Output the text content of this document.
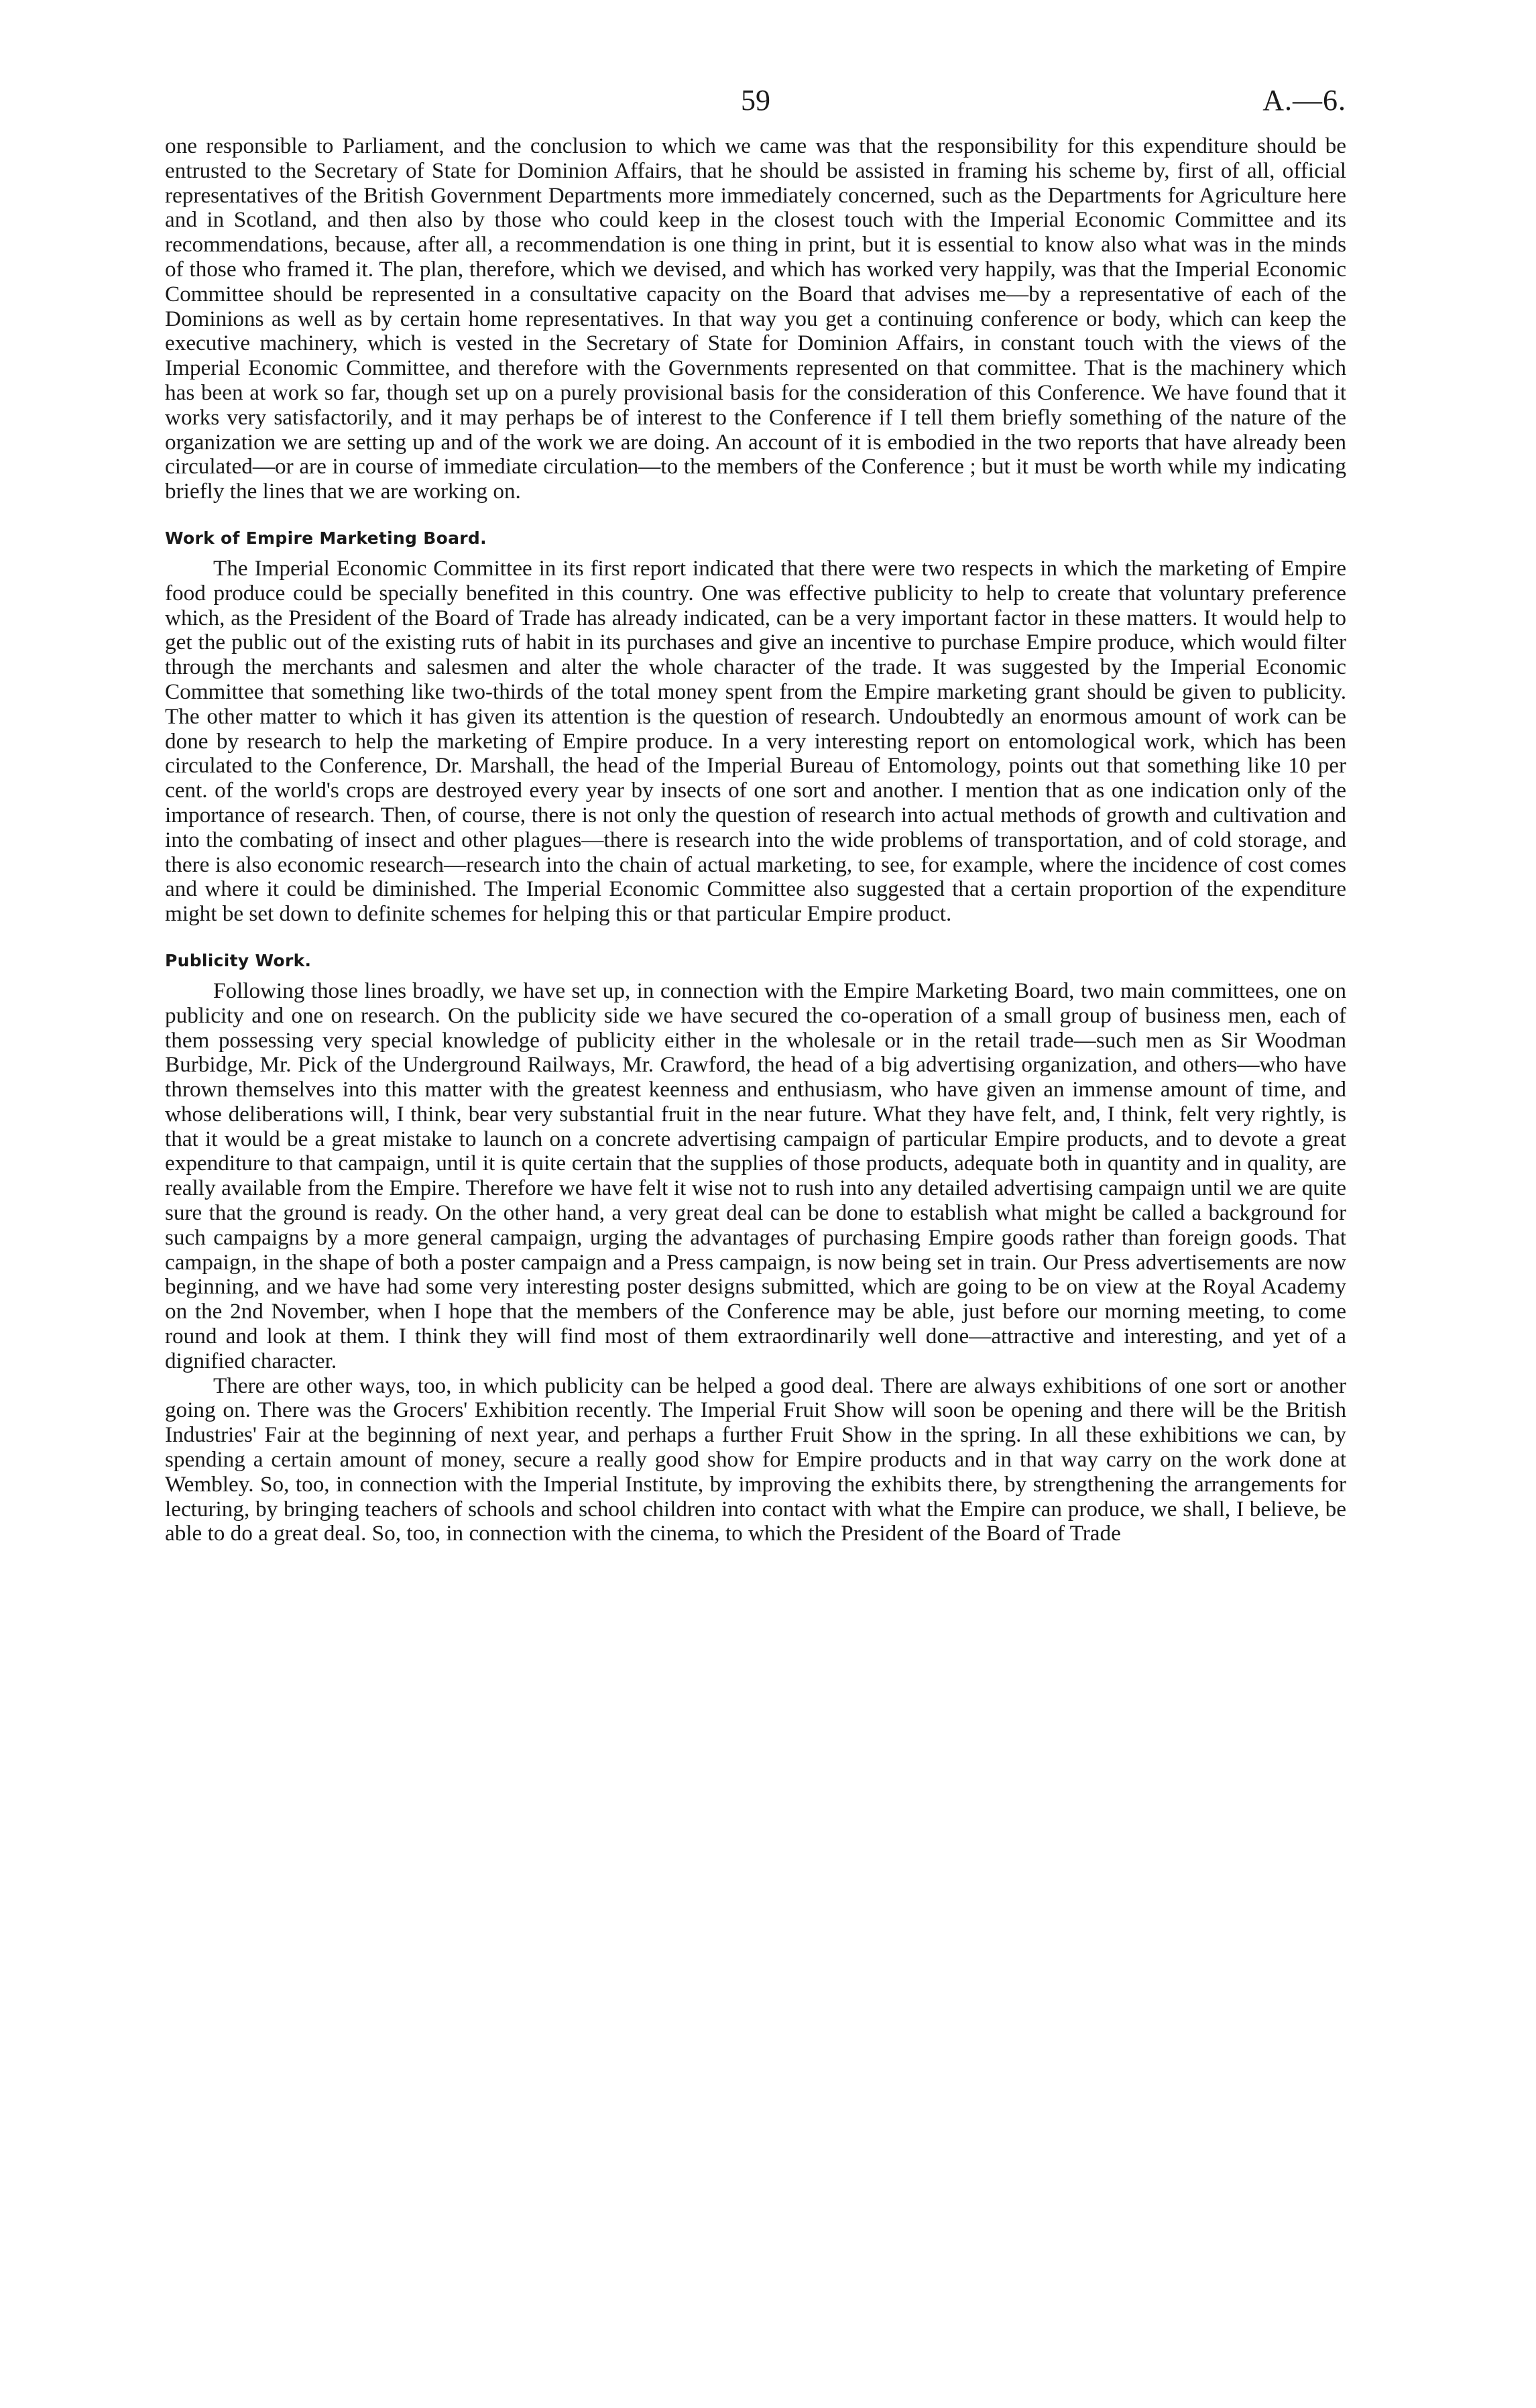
59	A.—6.

one responsible to Parliament, and the conclusion to which we came was that the responsibility for this expenditure should be entrusted to the Secretary of State for Dominion Affairs, that he should be assisted in framing his scheme by, first of all, official representatives of the British Government Departments more immediately concerned, such as the Departments for Agriculture here and in Scotland, and then also by those who could keep in the closest touch with the Imperial Economic Committee and its recommendations, because, after all, a recommendation is one thing in print, but it is essential to know also what was in the minds of those who framed it. The plan, therefore, which we devised, and which has worked very happily, was that the Imperial Economic Committee should be represented in a consultative capacity on the Board that advises me—by a representative of each of the Dominions as well as by certain home representatives. In that way you get a continuing conference or body, which can keep the executive machinery, which is vested in the Secretary of State for Dominion Affairs, in constant touch with the views of the Imperial Economic Committee, and therefore with the Governments represented on that committee. That is the machinery which has been at work so far, though set up on a purely provisional basis for the consideration of this Conference. We have found that it works very satisfactorily, and it may perhaps be of interest to the Conference if I tell them briefly something of the nature of the organization we are setting up and of the work we are doing. An account of it is embodied in the two reports that have already been circulated—or are in course of immediate circulation—to the members of the Conference ; but it must be worth while my indicating briefly the lines that we are working on.

Work of Empire Marketing Board.

The Imperial Economic Committee in its first report indicated that there were two respects in which the marketing of Empire food produce could be specially benefited in this country. One was effective publicity to help to create that voluntary preference which, as the President of the Board of Trade has already indicated, can be a very important factor in these matters. It would help to get the public out of the existing ruts of habit in its purchases and give an incentive to purchase Empire produce, which would filter through the merchants and salesmen and alter the whole character of the trade. It was suggested by the Imperial Economic Committee that something like two-thirds of the total money spent from the Empire marketing grant should be given to publicity. The other matter to which it has given its attention is the question of research. Undoubtedly an enormous amount of work can be done by research to help the marketing of Empire produce. In a very interesting report on entomological work, which has been circulated to the Conference, Dr. Marshall, the head of the Imperial Bureau of Entomology, points out that something like 10 per cent. of the world's crops are destroyed every year by insects of one sort and another. I mention that as one indication only of the importance of research. Then, of course, there is not only the question of research into actual methods of growth and cultivation and into the combating of insect and other plagues—there is research into the wide problems of transportation, and of cold storage, and there is also economic research—research into the chain of actual marketing, to see, for example, where the incidence of cost comes and where it could be diminished. The Imperial Economic Committee also suggested that a certain proportion of the expenditure might be set down to definite schemes for helping this or that particular Empire product.

Publicity Work.

Following those lines broadly, we have set up, in connection with the Empire Marketing Board, two main committees, one on publicity and one on research. On the publicity side we have secured the co-operation of a small group of business men, each of them possessing very special knowledge of publicity either in the wholesale or in the retail trade—such men as Sir Woodman Burbidge, Mr. Pick of the Underground Railways, Mr. Crawford, the head of a big advertising organization, and others—who have thrown themselves into this matter with the greatest keenness and enthusiasm, who have given an immense amount of time, and whose deliberations will, I think, bear very substantial fruit in the near future. What they have felt, and, I think, felt very rightly, is that it would be a great mistake to launch on a concrete advertising campaign of particular Empire products, and to devote a great expenditure to that campaign, until it is quite certain that the supplies of those products, adequate both in quantity and in quality, are really available from the Empire. Therefore we have felt it wise not to rush into any detailed advertising campaign until we are quite sure that the ground is ready. On the other hand, a very great deal can be done to establish what might be called a background for such campaigns by a more general campaign, urging the advantages of purchasing Empire goods rather than foreign goods. That campaign, in the shape of both a poster campaign and a Press campaign, is now being set in train. Our Press advertisements are now beginning, and we have had some very interesting poster designs submitted, which are going to be on view at the Royal Academy on the 2nd November, when I hope that the members of the Conference may be able, just before our morning meeting, to come round and look at them. I think they will find most of them extraordinarily well done—attractive and interesting, and yet of a dignified character.

There are other ways, too, in which publicity can be helped a good deal. There are always exhibitions of one sort or another going on. There was the Grocers' Exhibition recently. The Imperial Fruit Show will soon be opening and there will be the British Industries' Fair at the beginning of next year, and perhaps a further Fruit Show in the spring. In all these exhibitions we can, by spending a certain amount of money, secure a really good show for Empire products and in that way carry on the work done at Wembley. So, too, in connection with the Imperial Institute, by improving the exhibits there, by strengthening the arrangements for lecturing, by bringing teachers of schools and school children into contact with what the Empire can produce, we shall, I believe, be able to do a great deal. So, too, in connection with the cinema, to which the President of the Board of Trade
